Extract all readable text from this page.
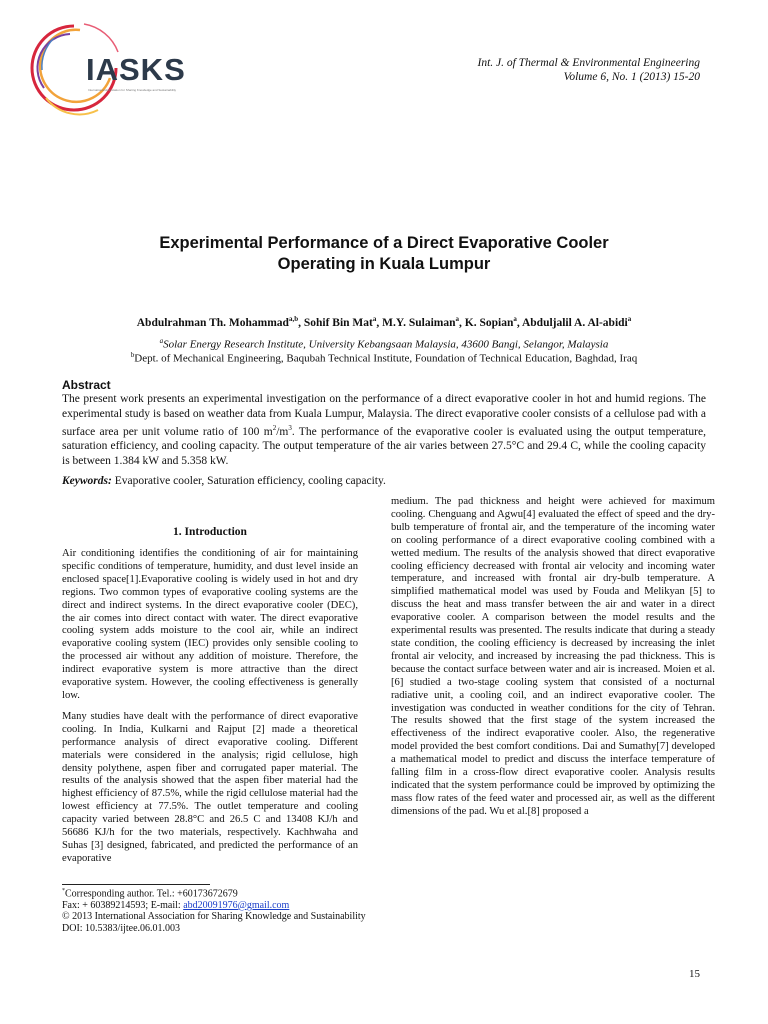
IASKS
International Association for Sharing Knowledge and Sustainability
Int. J. of Thermal & Environmental Engineering
Volume 6, No. 1 (2013) 15-20
Experimental Performance of a Direct Evaporative Cooler
Operating in Kuala Lumpur
Abdulrahman Th. Mohammad$^{a,b}$, Sohif Bin Mat$^a$, M.Y. Sulaiman$^a$, K. Sopian$^a$, Abduljalil A. Al-abidi$^a$
$^a$Solar Energy Research Institute, University Kebangsaan Malaysia, 43600 Bangi, Selangor, Malaysia
$^b$Dept. of Mechanical Engineering, Baqubah Technical Institute, Foundation of Technical Education, Baghdad, Iraq
Abstract
The present work presents an experimental investigation on the performance of a direct evaporative cooler in hot and humid regions. The experimental study is based on weather data from Kuala Lumpur, Malaysia. The direct evaporative cooler consists of a cellulose pad with a surface area per unit volume ratio of 100 $m^2/m^3$. The performance of the evaporative cooler is evaluated using the output temperature, saturation efficiency, and cooling capacity. The output temperature of the air varies between 27.5°C and 29.4 C, while the cooling capacity is between 1.384 kW and 5.358 kW.
Keywords: Evaporative cooler, Saturation efficiency, cooling capacity.
1. Introduction

Air conditioning identifies the conditioning of air for maintaining specific conditions of temperature, humidity, and dust level inside an enclosed space[1].Evaporative cooling is widely used in hot and dry regions. Two common types of evaporative cooling systems are the direct and indirect systems. In the direct evaporative cooler (DEC), the air comes into direct contact with water. The direct evaporative cooling system adds moisture to the cool air, while an indirect evaporative cooling system (IEC) provides only sensible cooling to the processed air without any addition of moisture. Therefore, the indirect evaporative system is more attractive than the direct evaporative system. However, the cooling effectiveness is generally low.

Many studies have dealt with the performance of direct evaporative cooling. In India, Kulkarni and Rajput [2] made a theoretical performance analysis of direct evaporative cooling. Different materials were considered in the analysis; rigid cellulose, high density polythene, aspen fiber and corrugated paper material. The results of the analysis showed that the aspen fiber material had the highest efficiency of 87.5%, while the rigid cellulose material had the lowest efficiency at 77.5%. The outlet temperature and cooling capacity varied between 28.8°C and 26.5 C and 13408 KJ/h and 56686 KJ/h for the two materials, respectively. Kachhwaha and Suhas [3] designed, fabricated, and predicted the performance of an evaporative

medium. The pad thickness and height were achieved for maximum cooling. Chenguang and Agwu[4] evaluated the effect of speed and the dry-bulb temperature of frontal air, and the temperature of the incoming water on cooling performance of a direct evaporative cooling combined with a wetted medium. The results of the analysis showed that direct evaporative cooling efficiency decreased with frontal air velocity and incoming water temperature, and increased with frontal air dry-bulb temperature. A simplified mathematical model was used by Fouda and Melikyan [5] to discuss the heat and mass transfer between the air and water in a direct evaporative cooler. A comparison between the model results and the experimental results was presented. The results indicate that during a steady state condition, the cooling efficiency is decreased by increasing the inlet frontal air velocity, and increased by increasing the pad thickness. This is because the contact surface between water and air is increased. Moien et al.[6] studied a two-stage cooling system that consisted of a nocturnal radiative unit, a cooling coil, and an indirect evaporative cooler. The investigation was conducted in weather conditions for the city of Tehran. The results showed that the first stage of the system increased the effectiveness of the indirect evaporative cooler. Also, the regenerative model provided the best comfort conditions. Dai and Sumathy[7] developed a mathematical model to predict and discuss the interface temperature of falling film in a cross-flow direct evaporative cooler. Analysis results indicated that the system performance could be improved by optimizing the mass flow rates of the feed water and processed air, as well as the different dimensions of the pad. Wu et al.[8] proposed a

*Corresponding author. Tel.: +60173672679
Fax: + 60389214593; E-mail: abd20091976@gmail.com
© 2013 International Association for Sharing Knowledge and Sustainability
DOI: 10.5383/ijtee.06.01.003
15
